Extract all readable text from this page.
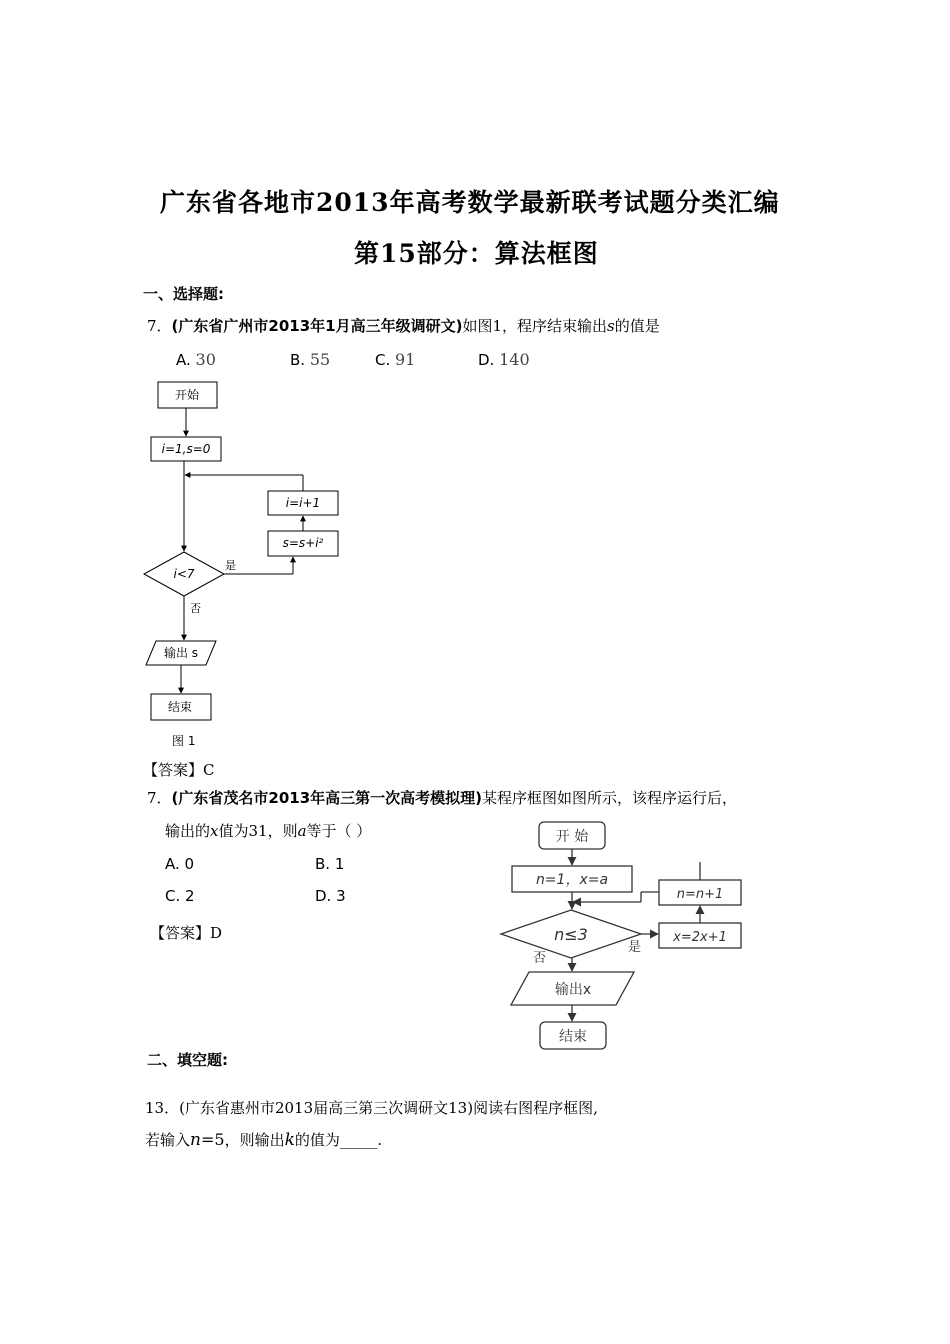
广东省各地市2013年高考数学最新联考试题分类汇编
第15部分：算法框图
一、选择题:
7．(广东省广州市2013年1月高三年级调研文)如图1，程序结束输出s的值是
A. 30	B. 55	C. 91	D. 140
开始
i=1,s=0
i=i+1
s=s+i²
i<7
是
否
输出 s
结束
图 1
开 始
n=1，x=a
n=n+1
x=2x+1
n≤3
是
否
输出x
结束
【答案】C
7．(广东省茂名市2013年高三第一次高考模拟理)某程序框图如图所示，该程序运行后，
输出的x值为31，则a等于（ ）
A. 0	B. 1
C. 2	D. 3
【答案】D
二、填空题:
13．(广东省惠州市2013届高三第三次调研文13)阅读右图程序框图,
若输入n=5，则输出k的值为_____.
